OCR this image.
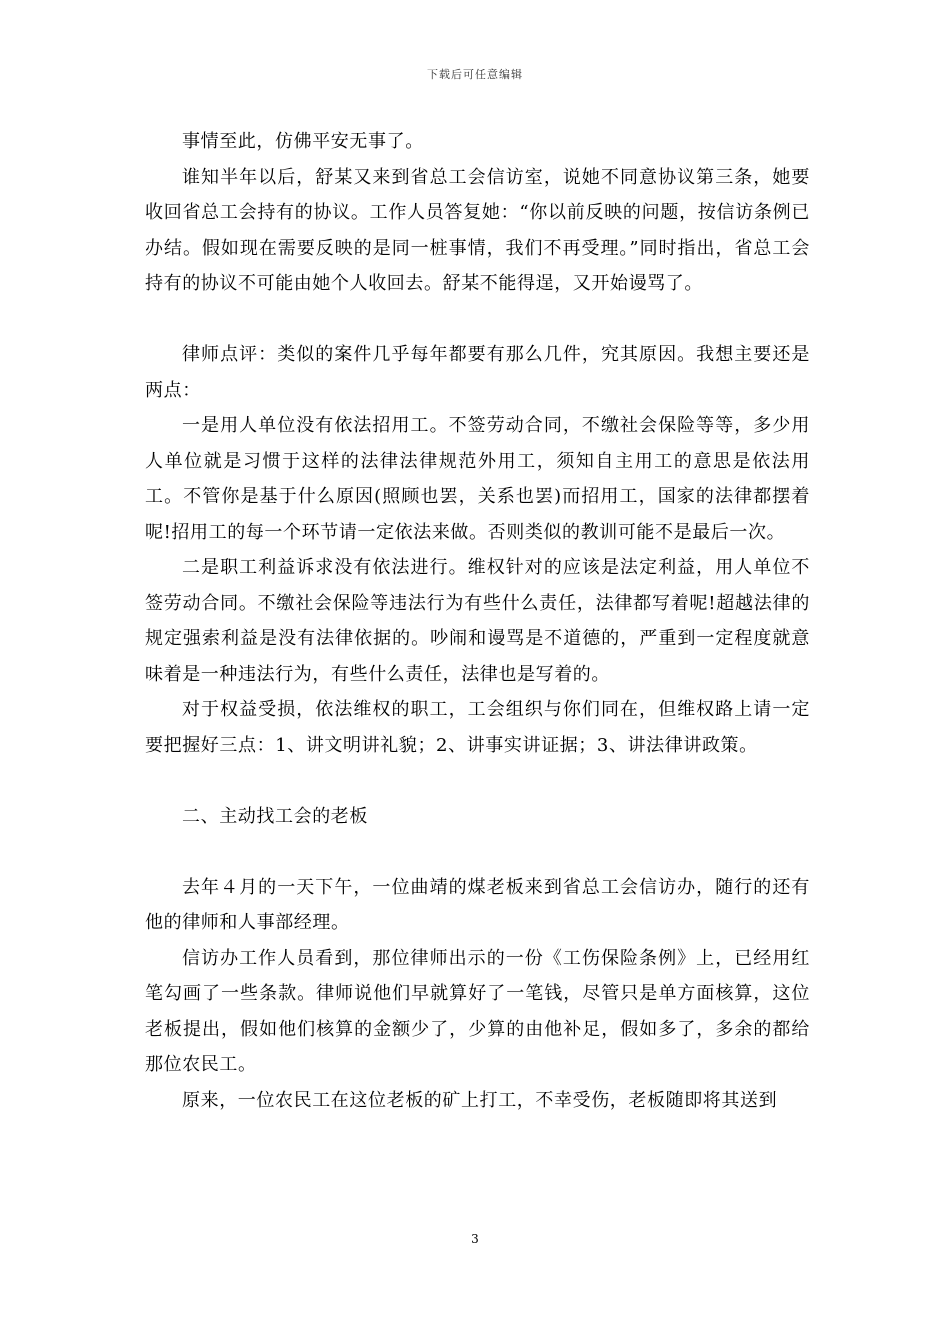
下载后可任意编辑

事情至此，仿佛平安无事了。

谁知半年以后，舒某又来到省总工会信访室，说她不同意协议第三条，她要收回省总工会持有的协议。工作人员答复她：“你以前反映的问题，按信访条例已办结。假如现在需要反映的是同一桩事情，我们不再受理。”同时指出，省总工会持有的协议不可能由她个人收回去。舒某不能得逞，又开始谩骂了。

律师点评：类似的案件几乎每年都要有那么几件，究其原因。我想主要还是两点：

一是用人单位没有依法招用工。不签劳动合同，不缴社会保险等等，多少用人单位就是习惯于这样的法律法律规范外用工，须知自主用工的意思是依法用工。不管你是基于什么原因(照顾也罢，关系也罢)而招用工，国家的法律都摆着呢!招用工的每一个环节请一定依法来做。否则类似的教训可能不是最后一次。

二是职工利益诉求没有依法进行。维权针对的应该是法定利益，用人单位不签劳动合同。不缴社会保险等违法行为有些什么责任，法律都写着呢!超越法律的规定强索利益是没有法律依据的。吵闹和谩骂是不道德的，严重到一定程度就意味着是一种违法行为，有些什么责任，法律也是写着的。

对于权益受损，依法维权的职工，工会组织与你们同在，但维权路上请一定要把握好三点：1、讲文明讲礼貌；2、讲事实讲证据；3、讲法律讲政策。

二、主动找工会的老板

去年４月的一天下午，一位曲靖的煤老板来到省总工会信访办，随行的还有他的律师和人事部经理。

信访办工作人员看到，那位律师出示的一份《工伤保险条例》上，已经用红笔勾画了一些条款。律师说他们早就算好了一笔钱，尽管只是单方面核算，这位老板提出，假如他们核算的金额少了，少算的由他补足，假如多了，多余的都给那位农民工。

原来，一位农民工在这位老板的矿上打工，不幸受伤，老板随即将其送到

3
